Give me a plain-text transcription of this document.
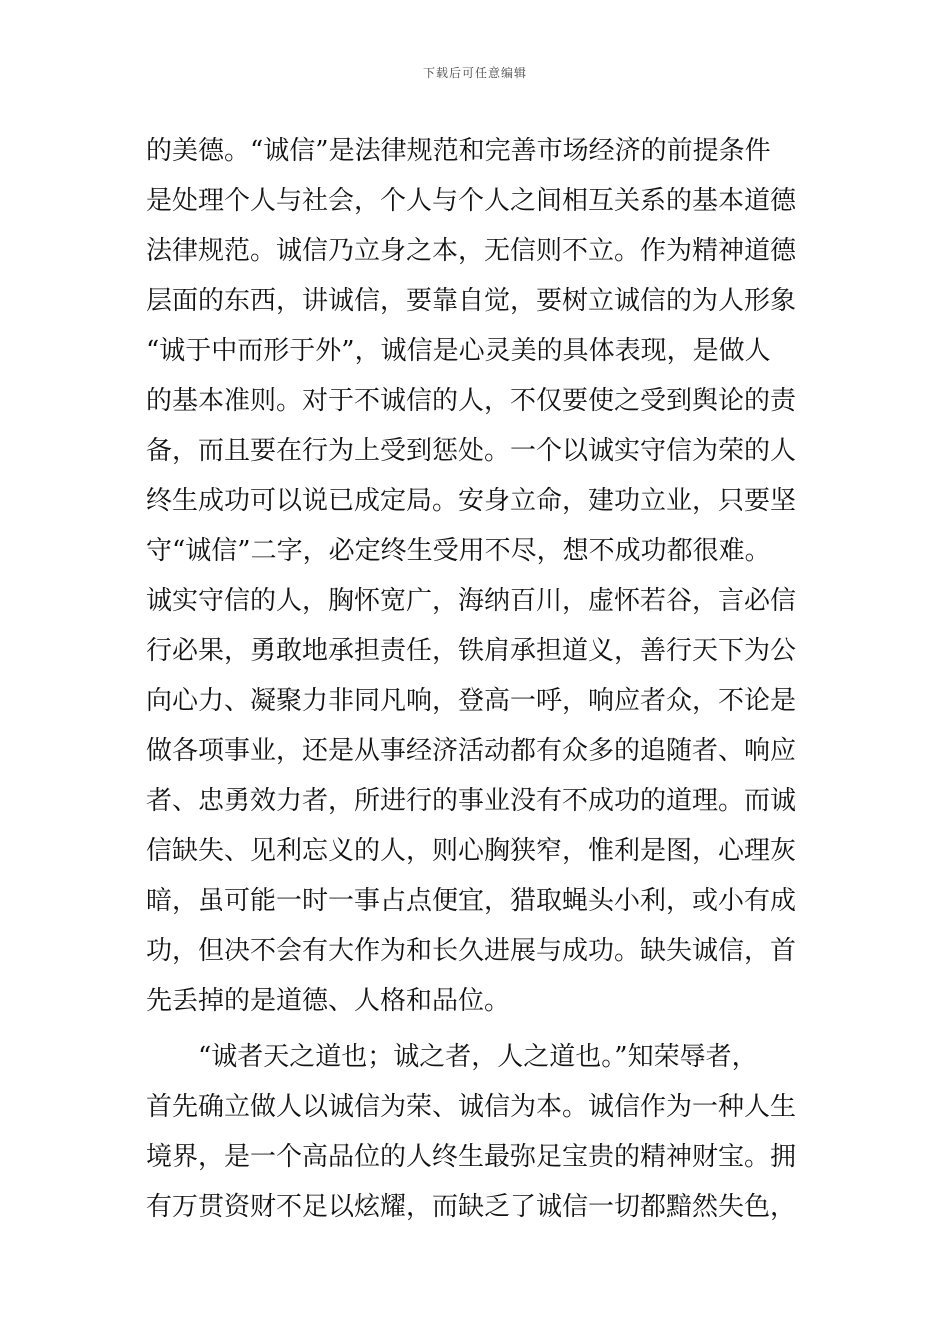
下载后可任意编辑
的美德。“诚信”是法律规范和完善市场经济的前提条件
是处理个人与社会，个人与个人之间相互关系的基本道德
法律规范。诚信乃立身之本，无信则不立。作为精神道德
层面的东西，讲诚信，要靠自觉，要树立诚信的为人形象
“诚于中而形于外”，诚信是心灵美的具体表现，是做人
的基本准则。对于不诚信的人，不仅要使之受到舆论的责
备，而且要在行为上受到惩处。一个以诚实守信为荣的人
终生成功可以说已成定局。安身立命，建功立业，只要坚
守“诚信”二字，必定终生受用不尽，想不成功都很难。
诚实守信的人，胸怀宽广，海纳百川，虚怀若谷，言必信
行必果，勇敢地承担责任，铁肩承担道义，善行天下为公
向心力、凝聚力非同凡响，登高一呼，响应者众，不论是
做各项事业，还是从事经济活动都有众多的追随者、响应
者、忠勇效力者，所进行的事业没有不成功的道理。而诚
信缺失、见利忘义的人，则心胸狭窄，惟利是图，心理灰
暗，虽可能一时一事占点便宜，猎取蝇头小利，或小有成
功，但决不会有大作为和长久进展与成功。缺失诚信，首
先丢掉的是道德、人格和品位。
　　“诚者天之道也；诚之者，人之道也。”知荣辱者，
首先确立做人以诚信为荣、诚信为本。诚信作为一种人生
境界，是一个高品位的人终生最弥足宝贵的精神财宝。拥
有万贯资财不足以炫耀，而缺乏了诚信一切都黯然失色，
